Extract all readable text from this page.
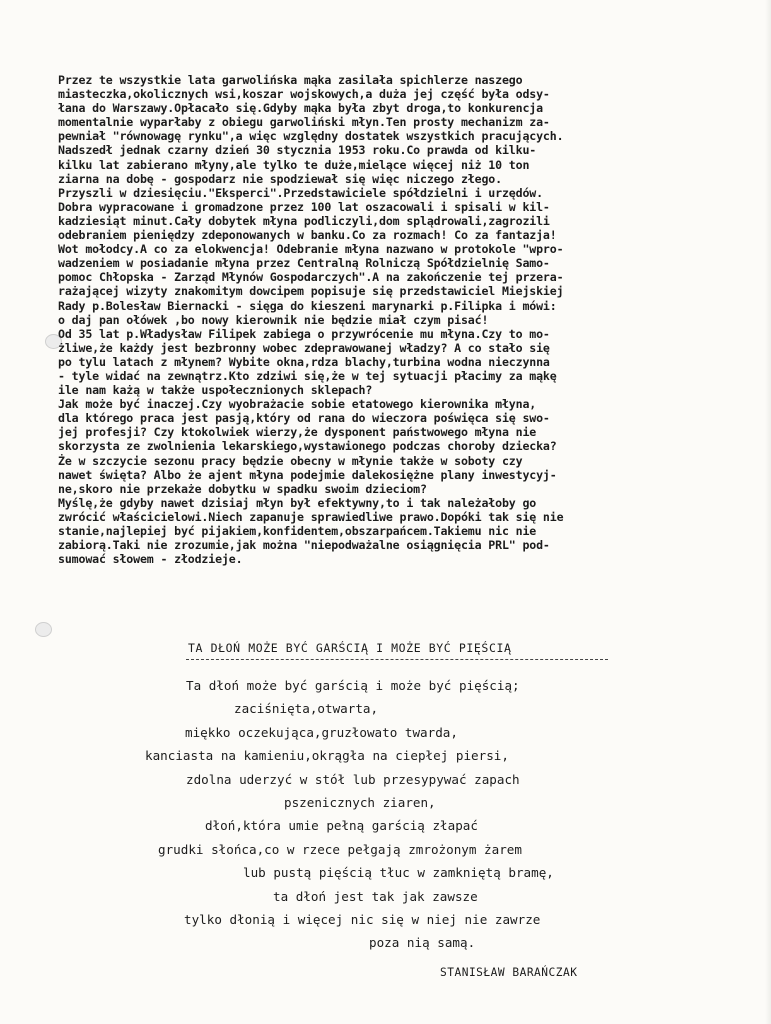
Przez te wszystkie lata garwolińska mąka zasilała spichlerze naszego
miasteczka,okolicznych wsi,koszar wojskowych,a duża jej część była odsy-
łana do Warszawy.Opłacało się.Gdyby mąka była zbyt droga,to konkurencja
momentalnie wyparłaby z obiegu garwoliński młyn.Ten prosty mechanizm za-
pewniał "równowagę rynku",a więc względny dostatek wszystkich pracujących.
Nadszedł jednak czarny dzień 30 stycznia 1953 roku.Co prawda od kilku-
kilku lat zabierano młyny,ale tylko te duże,mielące więcej niż 10 ton
ziarna na dobę - gospodarz nie spodziewał się więc niczego złego.
Przyszli w dziesięciu."Eksperci".Przedstawiciele spółdzielni i urzędów.
Dobra wypracowane i gromadzone przez 100 lat oszacowali i spisali w kil-
kadziesiąt minut.Cały dobytek młyna podliczyli,dom splądrowali,zagrozili
odebraniem pieniędzy zdeponowanych w banku.Co za rozmach! Co za fantazja!
Wot mołodcy.A co za elokwencja! Odebranie młyna nazwano w protokole "wpro-
wadzeniem w posiadanie młyna przez Centralną Rolniczą Spółdzielnię Samo-
pomoc Chłopska - Zarząd Młynów Gospodarczych".A na zakończenie tej przera-
rażającej wizyty znakomitym dowcipem popisuje się przedstawiciel Miejskiej
Rady p.Bolesław Biernacki - sięga do kieszeni marynarki p.Filipka i mówi:
o daj pan ołówek ,bo nowy kierownik nie będzie miał czym pisać!
Od 35 lat p.Władysław Filipek zabiega o przywrócenie mu młyna.Czy to mo-
żliwe,że każdy jest bezbronny wobec zdeprawowanej władzy? A co stało się
po tylu latach z młynem? Wybite okna,rdza blachy,turbina wodna nieczynna
- tyle widać na zewnątrz.Kto zdziwi się,że w tej sytuacji płacimy za mąkę
ile nam każą w także uspołecznionych sklepach?
Jak może być inaczej.Czy wyobrażacie sobie etatowego kierownika młyna,
dla którego praca jest pasją,który od rana do wieczora poświęca się swo-
jej profesji? Czy ktokolwiek wierzy,że dysponent państwowego młyna nie
skorzysta ze zwolnienia lekarskiego,wystawionego podczas choroby dziecka?
Że w szczycie sezonu pracy będzie obecny w młynie także w soboty czy
nawet święta? Albo że ajent młyna podejmie dalekosiężne plany inwestycyj-
ne,skoro nie przekaże dobytku w spadku swoim dzieciom?
Myślę,że gdyby nawet dzisiaj młyn był efektywny,to i tak należałoby go
zwrócić właścicielowi.Niech zapanuje sprawiedliwe prawo.Dopóki tak się nie
stanie,najlepiej być pijakiem,konfidentem,obszarpańcem.Takiemu nic nie
zabiorą.Taki nie zrozumie,jak można "niepodważalne osiągnięcia PRL" pod-
sumować słowem - złodzieje.
TA DŁOŃ MOŻE BYĆ GARŚCIĄ I MOŻE BYĆ PIĘŚCIĄ
Ta dłoń może być garścią i może być pięścią;
zaciśnięta,otwarta,
miękko oczekująca,gruzłowato twarda,
kanciasta na kamieniu,okrągła na ciepłej piersi,
zdolna uderzyć w stół lub przesypywać zapach
pszenicznych ziaren,
dłoń,która umie pełną garścią złapać
grudki słońca,co w rzece pełgają zmrożonym żarem
lub pustą pięścią tłuc w zamkniętą bramę,
ta dłoń jest tak jak zawsze
tylko dłonią i więcej nic się w niej nie zawrze
poza nią samą.
STANISŁAW BARAŃCZAK
